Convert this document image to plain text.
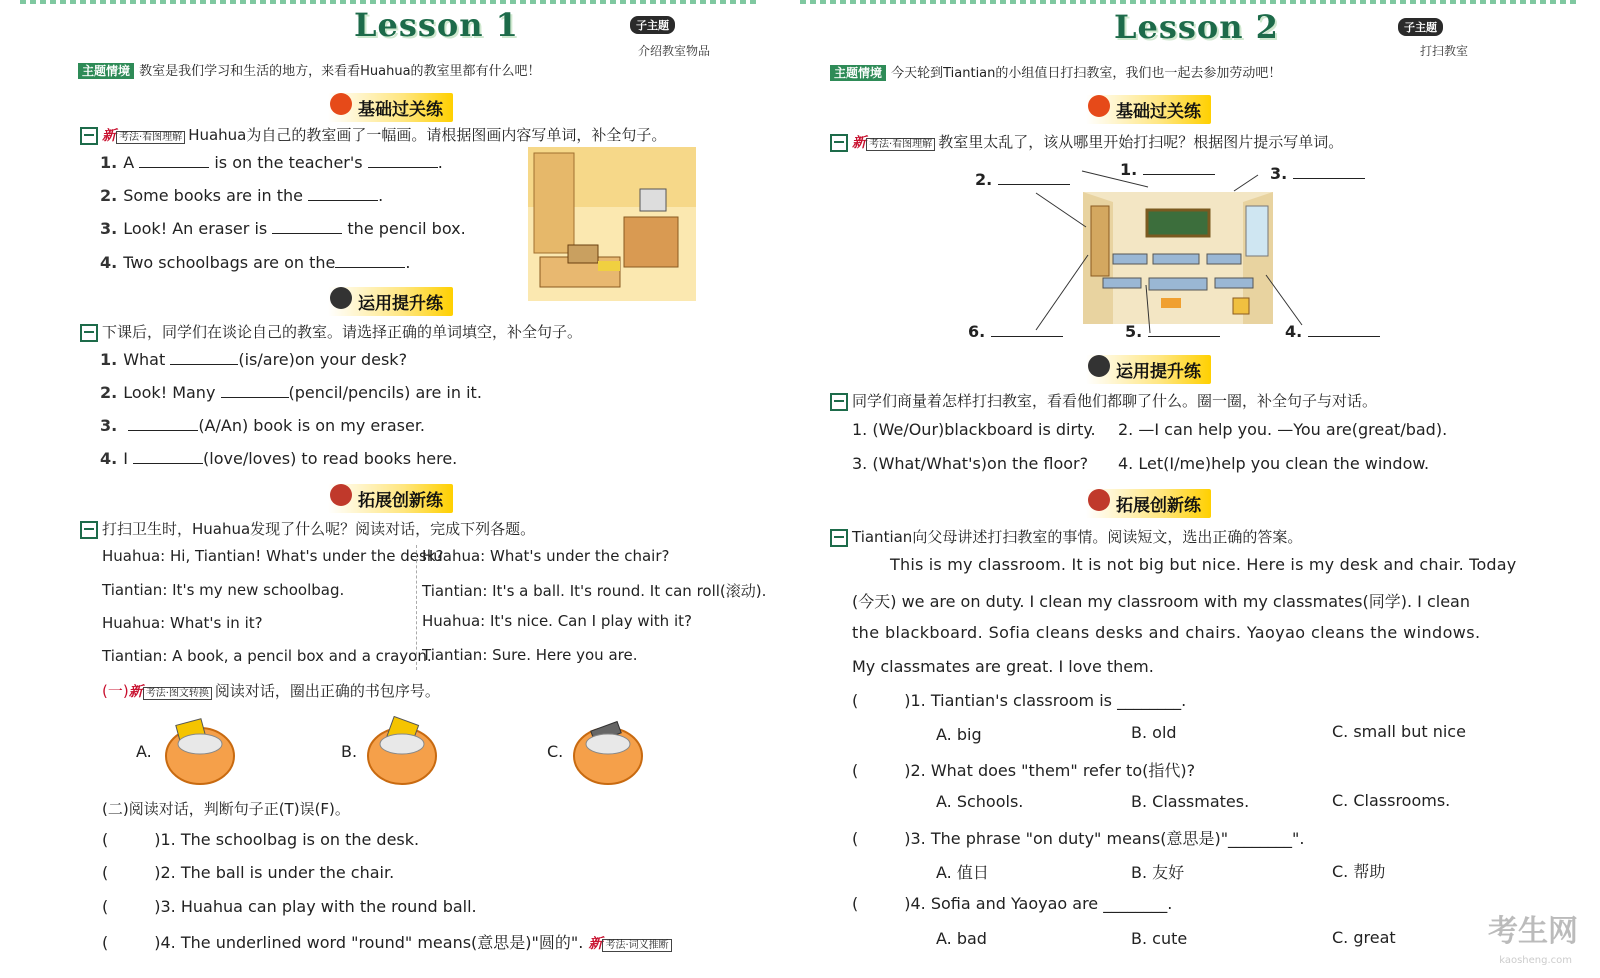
Lesson 1	子主题
介绍教室物品
主题情境 教室是我们学习和生活的地方，来看看Huahua的教室里都有什么吧！
基础过关练
新 考法·看图理解 Huahua为自己的教室画了一幅画。请根据图画内容写单词，补全句子。
1. A	is on the teacher's	.
2. Some books are in the	.
3. Look! An eraser is	the pencil box.
4. Two schoolbags are on the	.
运用提升练
下课后，同学们在谈论自己的教室。请选择正确的单词填空，补全句子。
1. What	(is/are)on your desk?
2. Look! Many	(pencil/pencils) are in it.
3.	(A/An) book is on my eraser.
4. I	(love/loves) to read books here.
拓展创新练
打扫卫生时，Huahua发现了什么呢？阅读对话，完成下列各题。
Huahua: Hi, Tiantian! What's under the desk?
Tiantian: It's my new schoolbag.
Huahua: What's in it?
Tiantian: A book, a pencil box and a crayon.
Huahua: What's under the chair?
Tiantian: It's a ball. It's round. It can roll(滚动).
Huahua: It's nice. Can I play with it?
Tiantian: Sure. Here you are.
(一)新 考法·图文转换 阅读对话，圈出正确的书包序号。
A.	B.	C.
(二)阅读对话，判断句子正(T)误(F)。
(	)1. The schoolbag is on the desk.
(	)2. The ball is under the chair.
(	)3. Huahua can play with the round ball.
(	)4. The underlined word "round" means(意思是)"圆的". 新 考法·词义推断
Lesson 2	子主题
打扫教室
主题情境 今天轮到Tiantian的小组值日打扫教室，我们也一起去参加劳动吧！
基础过关练
新 考法·看图理解 教室里太乱了，该从哪里开始打扫呢？根据图片提示写单词。
1.
2.	3.
4.
5.
6.
运用提升练
同学们商量着怎样打扫教室，看看他们都聊了什么。圈一圈，补全句子与对话。
1. (We/Our)blackboard is dirty. 2. —I can help you. —You are(great/bad).
3. (What/What's)on the floor? 4. Let(I/me)help you clean the window.
拓展创新练
Tiantian向父母讲述打扫教室的事情。阅读短文，选出正确的答案。
This is my classroom. It is not big but nice. Here is my desk and chair. Today
(今天) we are on duty. I clean my classroom with my classmates(同学). I clean
the blackboard. Sofia cleans desks and chairs. Yaoyao cleans the windows.
My classmates are great. I love them.
(	)1. Tiantian's classroom is ________.
A. big	B. old	C. small but nice
(	)2. What does "them" refer to(指代)?
A. Schools.	B. Classmates.	C. Classrooms.
(	)3. The phrase "on duty" means(意思是)"________".
A. 值日	B. 友好	C. 帮助
(	)4. Sofia and Yaoyao are ________.
A. bad	B. cute	C. great	考生网
kaosheng.com
